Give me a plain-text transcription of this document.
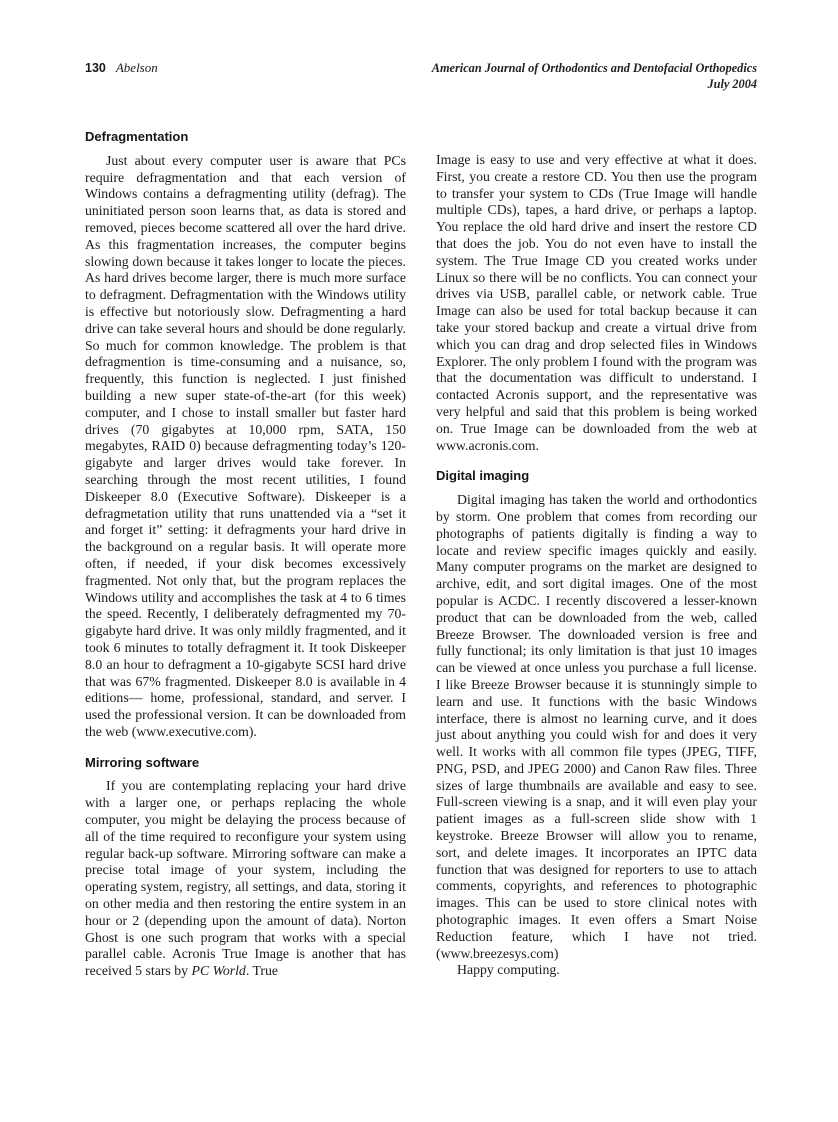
130 Abelson	American Journal of Orthodontics and Dentofacial Orthopedics
July 2004
Defragmentation

Just about every computer user is aware that PCs require defragmentation and that each version of Windows contains a defragmenting utility (defrag). The uninitiated person soon learns that, as data is stored and removed, pieces become scattered all over the hard drive. As this fragmentation increases, the computer begins slowing down because it takes longer to locate the pieces. As hard drives become larger, there is much more surface to defragment. Defragmentation with the Windows utility is effective but notoriously slow. Defragmenting a hard drive can take several hours and should be done regularly. So much for common knowledge. The problem is that defragmention is time-consuming and a nuisance, so, frequently, this function is neglected. I just finished building a new super state-of-the-art (for this week) computer, and I chose to install smaller but faster hard drives (70 gigabytes at 10,000 rpm, SATA, 150 megabytes, RAID 0) because defragmenting today’s 120-gigabyte and larger drives would take forever. In searching through the most recent utilities, I found Diskeeper 8.0 (Executive Software). Diskeeper is a defragmetation utility that runs unattended via a “set it and forget it” setting: it defragments your hard drive in the background on a regular basis. It will operate more often, if needed, if your disk becomes excessively fragmented. Not only that, but the program replaces the Windows utility and accomplishes the task at 4 to 6 times the speed. Recently, I deliberately defragmented my 70-gigabyte hard drive. It was only mildly fragmented, and it took 6 minutes to totally defragment it. It took Diskeeper 8.0 an hour to defragment a 10-gigabyte SCSI hard drive that was 67% fragmented. Diskeeper 8.0 is available in 4 editions— home, professional, standard, and server. I used the professional version. It can be downloaded from the web (www.executive.com).

Mirroring software

If you are contemplating replacing your hard drive with a larger one, or perhaps replacing the whole computer, you might be delaying the process because of all of the time required to reconfigure your system using regular back-up software. Mirroring software can make a precise total image of your system, including the operating system, registry, all settings, and data, storing it on other media and then restoring the entire system in an hour or 2 (depending upon the amount of data). Norton Ghost is one such program that works with a special parallel cable. Acronis True Image is another that has received 5 stars by PC World. True

Image is easy to use and very effective at what it does. First, you create a restore CD. You then use the program to transfer your system to CDs (True Image will handle multiple CDs), tapes, a hard drive, or perhaps a laptop. You replace the old hard drive and insert the restore CD that does the job. You do not even have to install the system. The True Image CD you created works under Linux so there will be no conflicts. You can connect your drives via USB, parallel cable, or network cable. True Image can also be used for total backup because it can take your stored backup and create a virtual drive from which you can drag and drop selected files in Windows Explorer. The only problem I found with the program was that the documentation was difficult to understand. I contacted Acronis support, and the representative was very helpful and said that this problem is being worked on. True Image can be downloaded from the web at www.acronis.com.

Digital imaging

Digital imaging has taken the world and orthodontics by storm. One problem that comes from recording our photographs of patients digitally is finding a way to locate and review specific images quickly and easily. Many computer programs on the market are designed to archive, edit, and sort digital images. One of the most popular is ACDC. I recently discovered a lesser-known product that can be downloaded from the web, called Breeze Browser. The downloaded version is free and fully functional; its only limitation is that just 10 images can be viewed at once unless you purchase a full license. I like Breeze Browser because it is stunningly simple to learn and use. It functions with the basic Windows interface, there is almost no learning curve, and it does just about anything you could wish for and does it very well. It works with all common file types (JPEG, TIFF, PNG, PSD, and JPEG 2000) and Canon Raw files. Three sizes of large thumbnails are available and easy to see. Full-screen viewing is a snap, and it will even play your patient images as a full-screen slide show with 1 keystroke. Breeze Browser will allow you to rename, sort, and delete images. It incorporates an IPTC data function that was designed for reporters to use to attach comments, copyrights, and references to photographic images. This can be used to store clinical notes with photographic images. It even offers a Smart Noise Reduction feature, which I have not tried. (www.breezesys.com)

Happy computing.
